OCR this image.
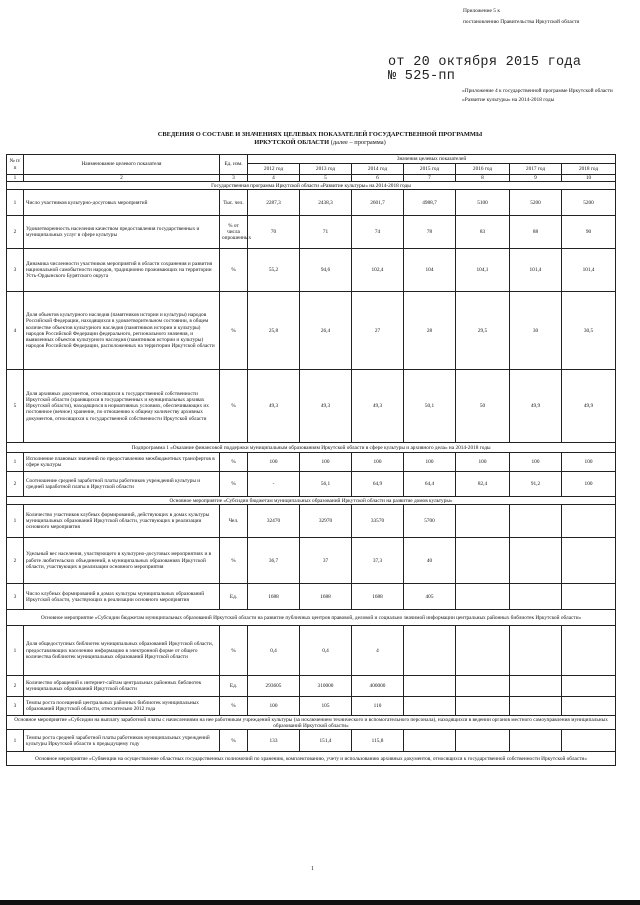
Приложение 5 к
постановлению Правительства Иркутской области
от 20 октября 2015 года
№ 525-пп
«Приложение 4 к государственной программе Иркутской области «Развитие культуры» на 2014-2018 годы
СВЕДЕНИЯ О СОСТАВЕ И ЗНАЧЕНИЯХ ЦЕЛЕВЫХ ПОКАЗАТЕЛЕЙ ГОСУДАРСТВЕННОЙ ПРОГРАММЫ
ИРКУТСКОЙ ОБЛАСТИ (далее – программа)
№ п/п	Наименование целевого показателя	Ед. изм.	Значения целевых показателей						
			2012 год	2013 год	2014 год	2015 год	2016 год	2017 год	2018 год
1	2	3	4	5	6	7	8	9	10
Государственная программа Иркутской области «Развитие культуры» на 2014-2018 годы									
1	Число участников культурно-досуговых мероприятий	Тыс. чел.	2287,3	2438,3	2601,7	4988,7	5100	5200	5200
2	Удовлетворенность населения качеством предоставления государственных и муниципальных услуг в сфере культуры	% от числа опрошенных	70	71	74	78	83	88	90
3	Динамика численности участников мероприятий в области сохранения и развития национальной самобытности народов, традиционно проживающих на территории Усть-Ордынского Бурятского округа	%	55,2	94,6	102,4	104	104,1	101,4	101,4
4	Доля объектов культурного наследия (памятников истории и культуры) народов Российской Федерации, находящихся в удовлетворительном состоянии, в общем количестве объектов культурного наследия (памятников истории и культуры) народов Российской Федерации федерального, регионального значения, и выявленных объектов культурного наследия (памятников истории и культуры) народов Российской Федерации, расположенных на территории Иркутской области	%	25,8	26,4	27	28	29,5	30	30,5
5	Доля архивных документов, относящихся к государственной собственности Иркутской области (хранящихся в государственных и муниципальных архивах Иркутской области), находящихся в нормативных условиях, обеспечивающих их постоянное (вечное) хранение, по отношению к общему количеству архивных документов, относящихся к государственной собственности Иркутской области	%	49,3	49,3	49,3	50,1	50	49,9	49,9
Подпрограмма 1 «Оказание финансовой поддержки муниципальным образованиям Иркутской области в сфере культуры и архивного дела» на 2014-2018 годы									
1	Исполнение плановых значений по предоставлению межбюджетных трансфертов в сфере культуры	%	100	100	100	100	100	100	100
2	Соотношение средней заработной платы работников учреждений культуры и средней заработной платы в Иркутской области	%	-	56,1	64,9	64,4	82,4	91,2	100
Основное мероприятие «Субсидии бюджетам муниципальных образований Иркутской области на развитие домов культуры»									
1	Количество участников клубных формирований, действующих в домах культуры муниципальных образований Иркутской области, участвующих в реализации основного мероприятия	Чел.	32470	32970	33570	5700			
2	Удельный вес населения, участвующего в культурно-досуговых мероприятиях и в работе любительских объединений, в муниципальных образованиях Иркутской области, участвующих в реализации основного мероприятия	%	36,7	37	37,3	40			
3	Число клубных формирований в домах культуры муниципальных образований Иркутской области, участвующих в реализации основного мероприятия	Ед.	1688	1688	1688	405			
Основное мероприятие «Субсидии бюджетам муниципальных образований Иркутской области на развитие публичных центров правовой, деловой и социально значимой информации центральных районных библиотек Иркутской области»									
1	Доля общедоступных библиотек муниципальных образований Иркутской области, предоставляющих населению информацию в электронной форме от общего количества библиотек муниципальных образований Иркутской области	%	0,4	0,4	4				
2	Количество обращений к интернет-сайтам центральных районных библиотек муниципальных образований Иркутской области	Ед.	293605	310000	400000				
3	Темпы роста посещений центральных районных библиотек муниципальных образований Иркутской области, относительно 2012 года	%	100	105	110				
Основное мероприятие «Субсидии на выплату заработной платы с начислениями на нее работникам учреждений культуры (за исключением технического и вспомогательного персонала), находящихся в ведении органов местного самоуправления муниципальных образований Иркутской области»									
1	Темпы роста средней заработной платы работников муниципальных учреждений культуры Иркутской области к предыдущему году	%	133	151,4	115,8				
Основное мероприятие «Субвенции на осуществление областных государственных полномочий по хранению, комплектованию, учету и использованию архивных документов, относящихся к государственной собственности Иркутской области»									
1
